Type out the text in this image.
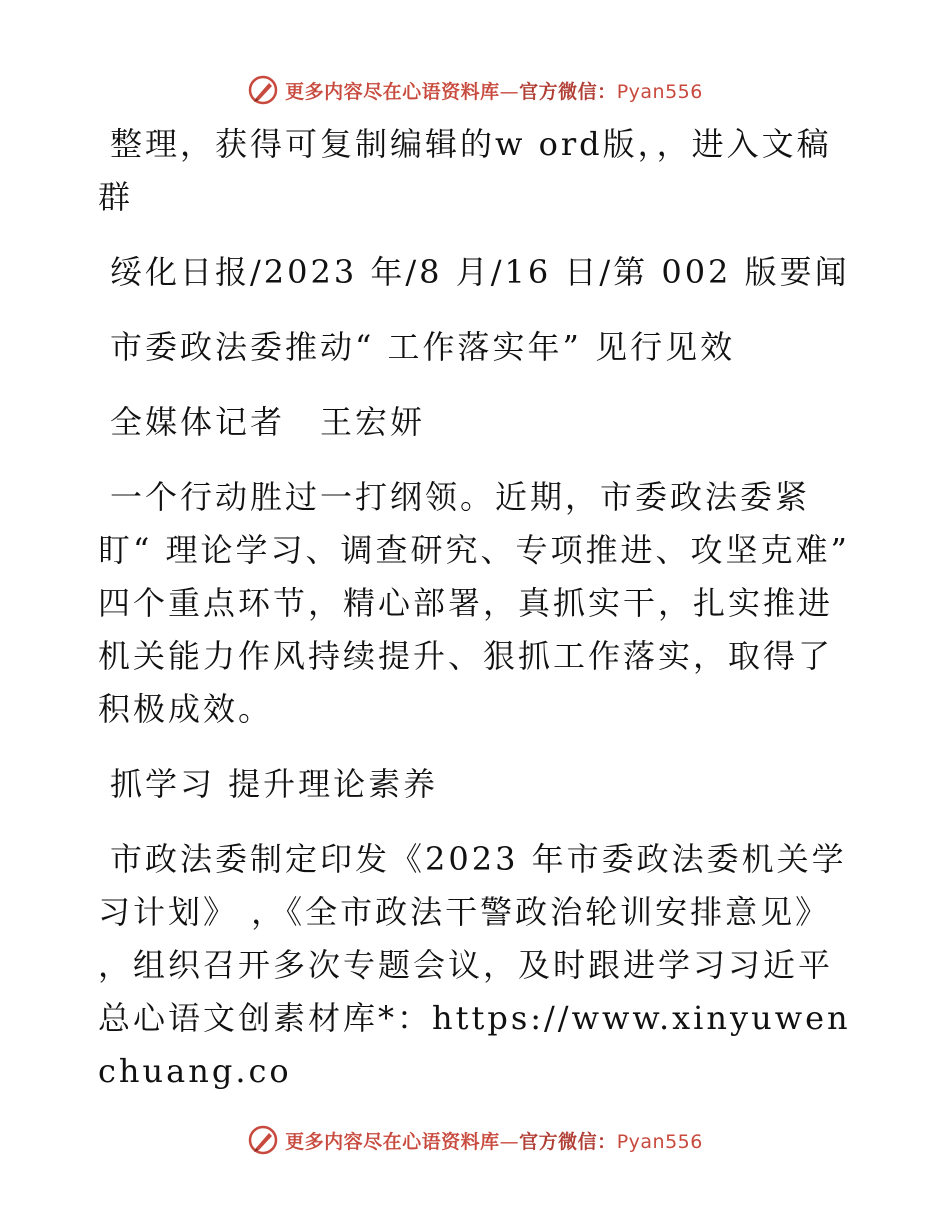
更多内容尽在心语资料库—官方微信：Pyan556

整理，获得可复制编辑的w ord版，，进入文稿群

绥化日报/2023 年/8 月/16 日/第 002 版要闻

市委政法委推动“ 工作落实年” 见行见效

全媒体记者　王宏妍

一个行动胜过一打纲领。近期，市委政法委紧盯“ 理论学习、调查研究、专项推进、攻坚克难” 四个重点环节，精心部署，真抓实干，扎实推进机关能力作风持续提升、狠抓工作落实，取得了积极成效。

抓学习 提升理论素养

市政法委制定印发《2023 年市委政法委机关学习计划》 ，《全市政法干警政治轮训安排意见》 ，组织召开多次专题会议，及时跟进学习习近平总心语文创素材库*：https://www.xinyuwenchuang.co

更多内容尽在心语资料库—官方微信：Pyan556
